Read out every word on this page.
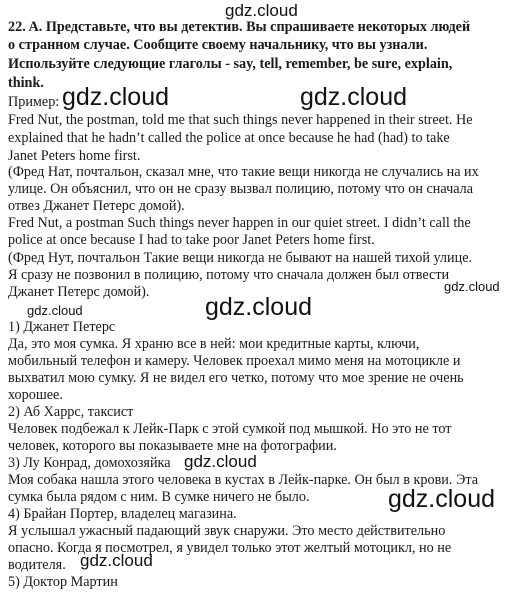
22. A. Представьте, что вы детектив. Вы спрашиваете некоторых людей
о странном случае. Сообщите своему начальнику, что вы узнали.
Используйте следующие глаголы - say, tell, remember, be sure, explain,
think.
Пример:
Fred Nut, the postman, told me that such things never happened in their street. He
explained that he hadn’t called the police at once because he had (had) to take
Janet Peters home first.
(Фред Нат, почтальон, сказал мне, что такие вещи никогда не случались на их
улице. Он объяснил, что он не сразу вызвал полицию, потому что он сначала
отвез Джанет Петерс домой).
Fred Nut, a postman Such things never happen in our quiet street. I didn’t call the
police at once because I had to take poor Janet Peters home first.
(Фред Нут, почтальон Такие вещи никогда не бывают на нашей тихой улице.
Я сразу не позвонил в полицию, потому что сначала должен был отвести
Джанет Петерс домой).
1) Джанет Петерс
Да, это моя сумка. Я храню все в ней: мои кредитные карты, ключи,
мобильный телефон и камеру. Человек проехал мимо меня на мотоцикле и
выхватил мою сумку. Я не видел его четко, потому что мое зрение не очень
хорошее.
2) Аб Харрс, таксист
Человек подбежал к Лейк-Парк с этой сумкой под мышкой. Но это не тот
человек, которого вы показываете мне на фотографии.
3) Лу Конрад, домохозяйка
Моя собака нашла этого человека в кустах в Лейк-парке. Он был в крови. Эта
сумка была рядом с ним. В сумке ничего не было.
4) Брайан Портер, владелец магазина.
Я услышал ужасный падающий звук снаружи. Это место действительно
опасно. Когда я посмотрел, я увидел только этот желтый мотоцикл, но не
водителя.
5) Доктор Мартин
gdz.cloud
gdz.cloud	gdz.cloud
gdz.cloud
gdz.cloud	gdz.cloud
gdz.cloud
gdz.cloud
gdz.cloud
